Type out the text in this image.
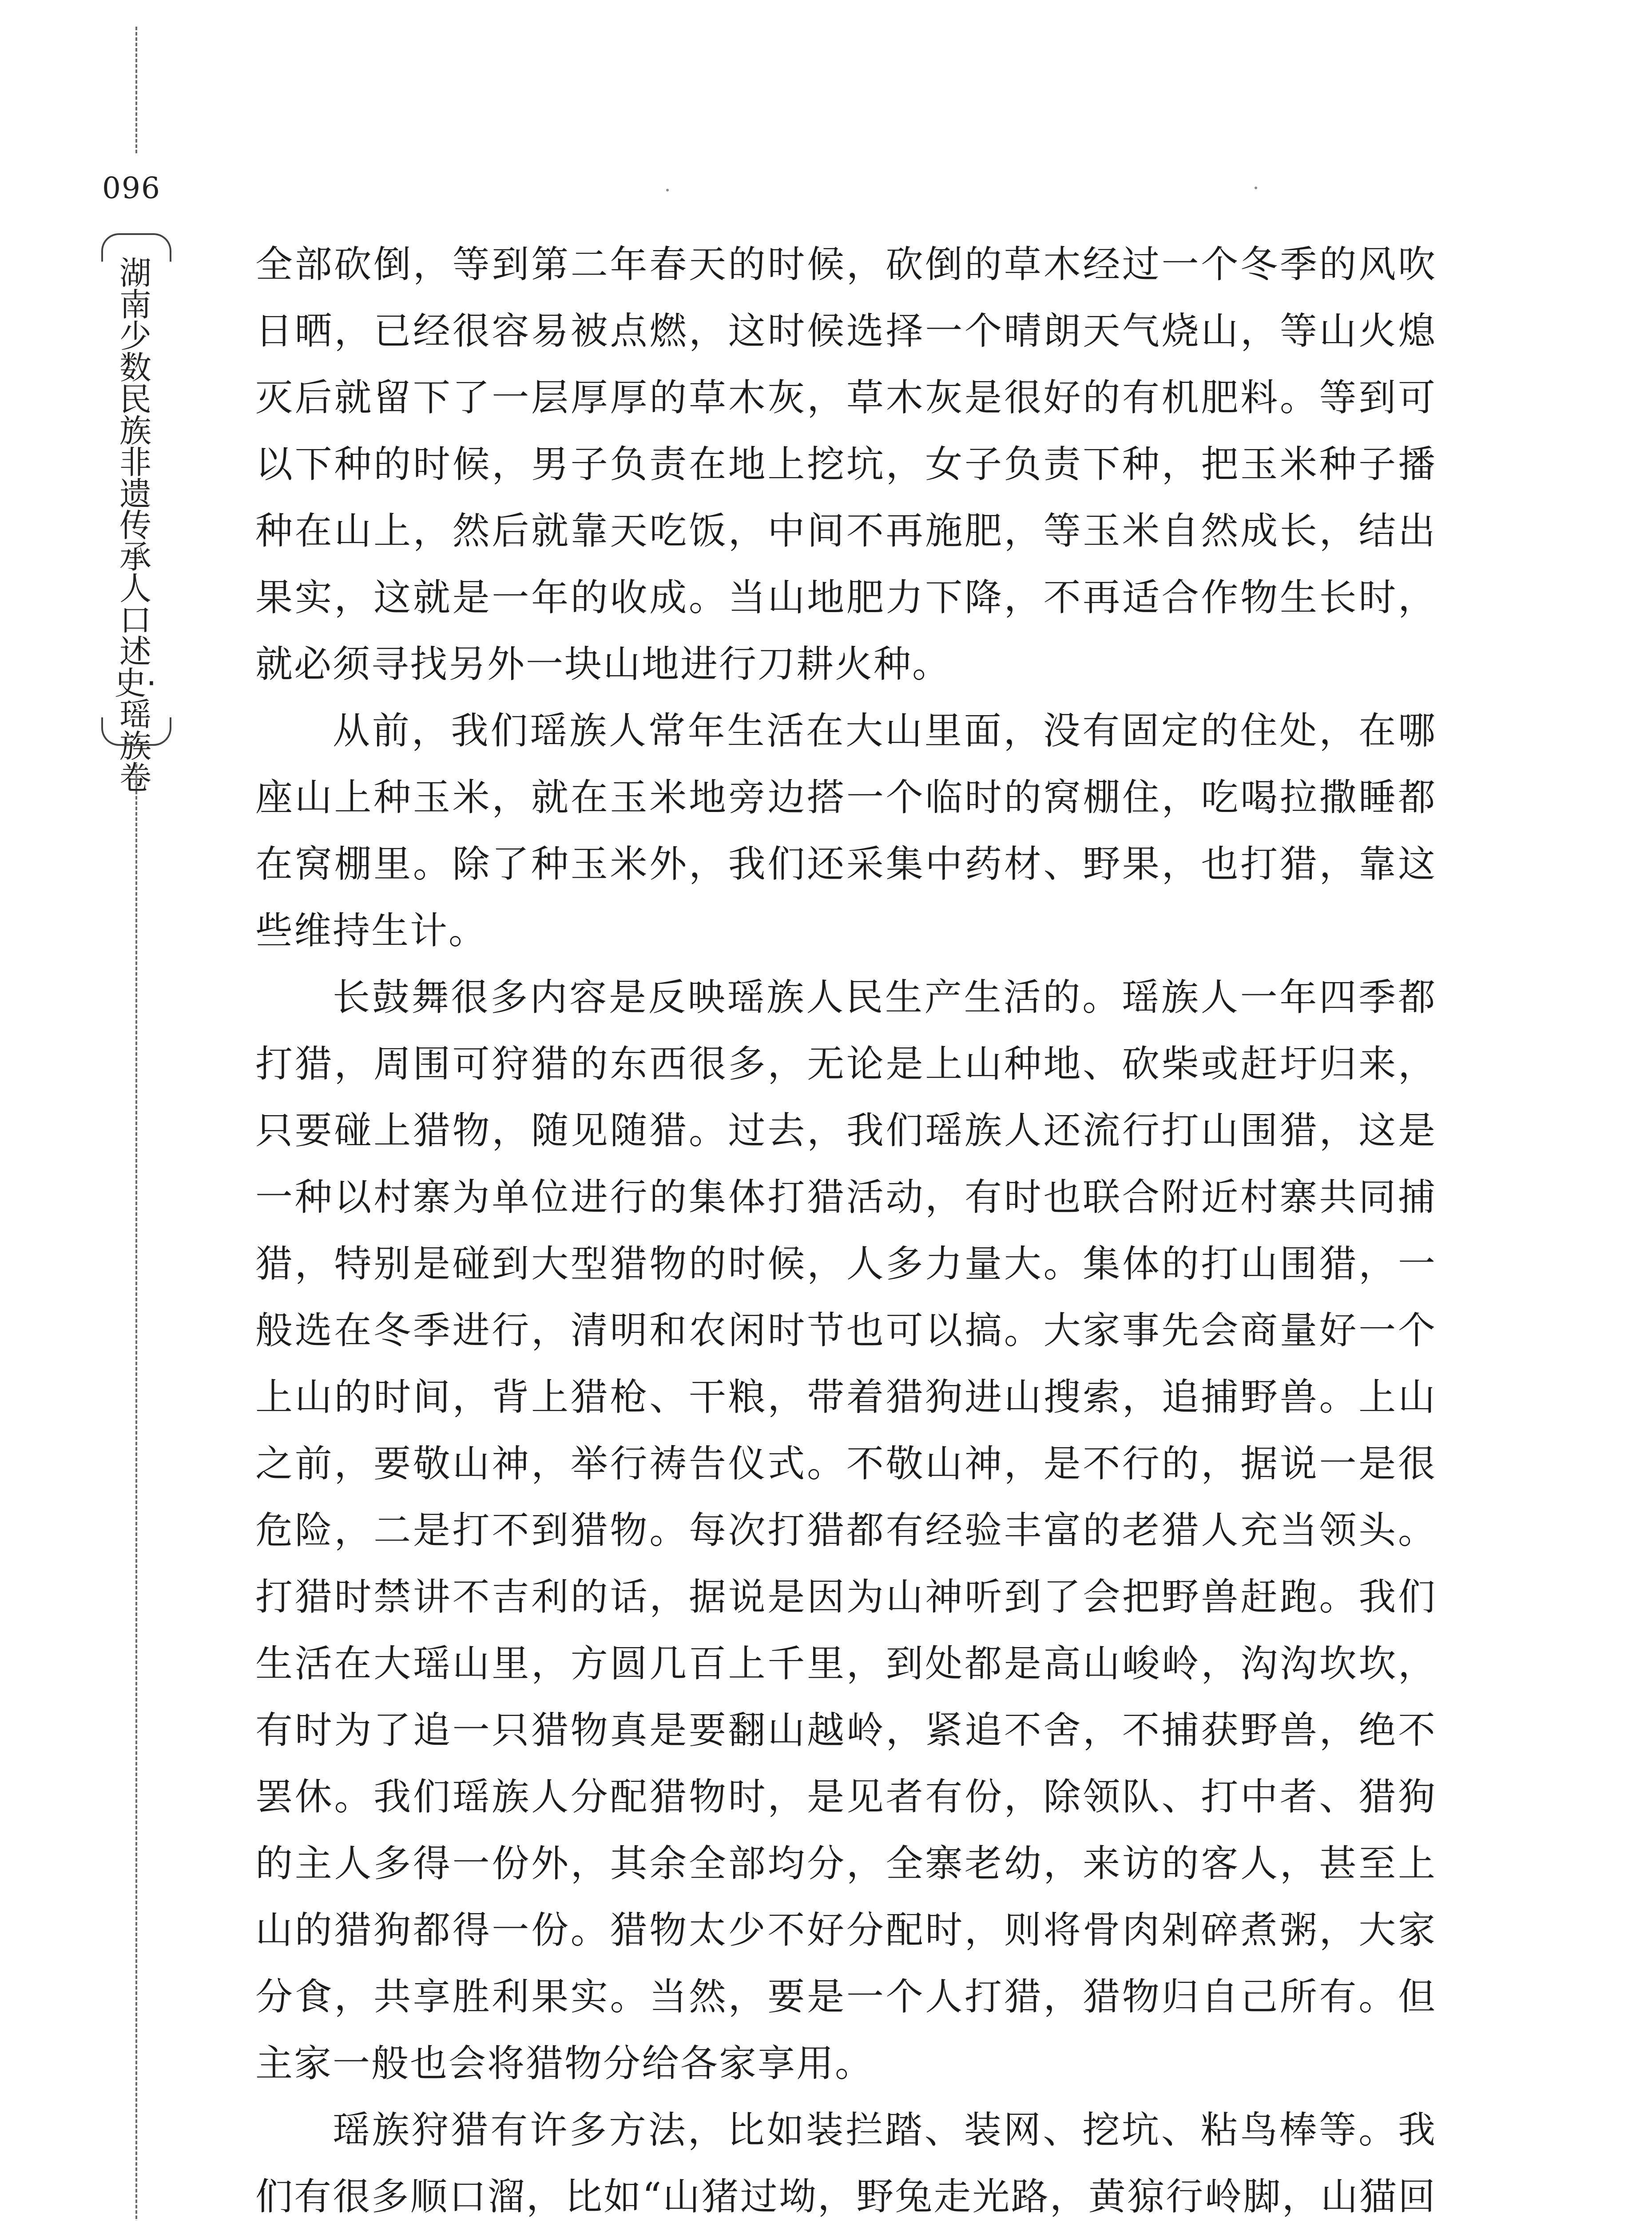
096
湖南少数民族非遗传承人口述史·瑶族卷

全部砍倒，等到第二年春天的时候，砍倒的草木经过一个冬季的风吹日晒，已经很容易被点燃，这时候选择一个晴朗天气烧山，等山火熄灭后就留下了一层厚厚的草木灰，草木灰是很好的有机肥料。等到可以下种的时候，男子负责在地上挖坑，女子负责下种，把玉米种子播种在山上，然后就靠天吃饭，中间不再施肥，等玉米自然成长，结出果实，这就是一年的收成。当山地肥力下降，不再适合作物生长时，就必须寻找另外一块山地进行刀耕火种。

从前，我们瑶族人常年生活在大山里面，没有固定的住处，在哪座山上种玉米，就在玉米地旁边搭一个临时的窝棚住，吃喝拉撒睡都在窝棚里。除了种玉米外，我们还采集中药材、野果，也打猎，靠这些维持生计。

长鼓舞很多内容是反映瑶族人民生产生活的。瑶族人一年四季都打猎，周围可狩猎的东西很多，无论是上山种地、砍柴或赶圩归来，只要碰上猎物，随见随猎。过去，我们瑶族人还流行打山围猎，这是一种以村寨为单位进行的集体打猎活动，有时也联合附近村寨共同捕猎，特别是碰到大型猎物的时候，人多力量大。集体的打山围猎，一般选在冬季进行，清明和农闲时节也可以搞。大家事先会商量好一个上山的时间，背上猎枪、干粮，带着猎狗进山搜索，追捕野兽。上山之前，要敬山神，举行祷告仪式。不敬山神，是不行的，据说一是很危险，二是打不到猎物。每次打猎都有经验丰富的老猎人充当领头。打猎时禁讲不吉利的话，据说是因为山神听到了会把野兽赶跑。我们生活在大瑶山里，方圆几百上千里，到处都是高山峻岭，沟沟坎坎，有时为了追一只猎物真是要翻山越岭，紧追不舍，不捕获野兽，绝不罢休。我们瑶族人分配猎物时，是见者有份，除领队、打中者、猎狗的主人多得一份外，其余全部均分，全寨老幼，来访的客人，甚至上山的猎狗都得一份。猎物太少不好分配时，则将骨肉剁碎煮粥，大家分食，共享胜利果实。当然，要是一个人打猎，猎物归自己所有。但主家一般也会将猎物分给各家享用。

瑶族狩猎有许多方法，比如装拦踏、装网、挖坑、粘鸟棒等。我们有很多顺口溜，比如“山猪过坳，野兔走光路，黄猄行岭脚，山猫回
